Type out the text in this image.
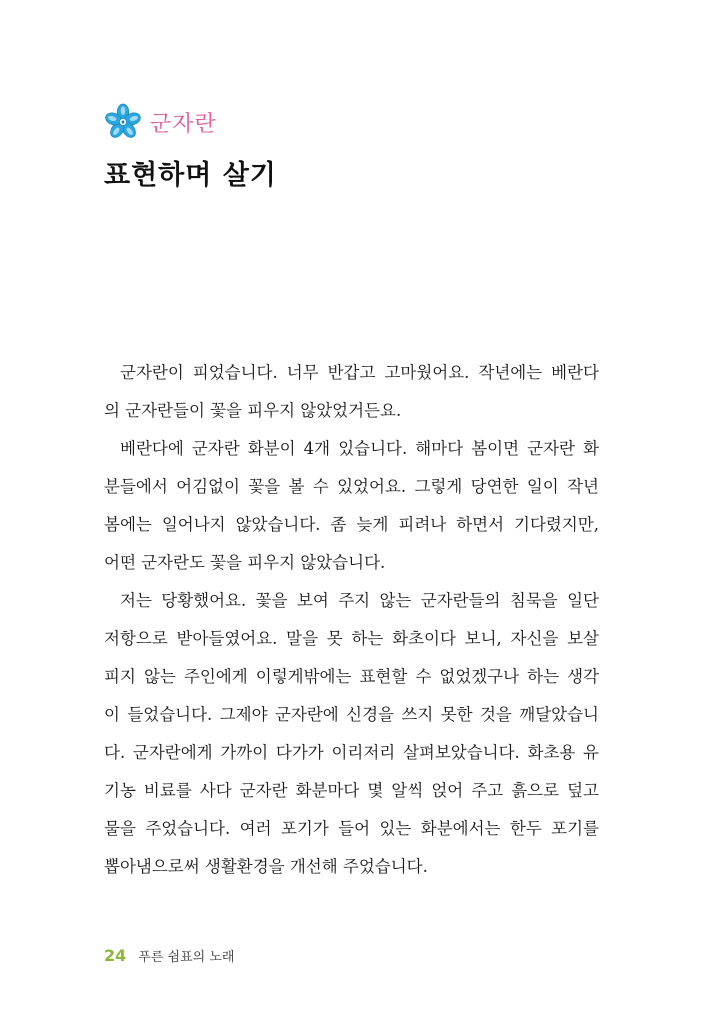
군자란
표현하며 살기

군자란이 피었습니다. 너무 반갑고 고마웠어요. 작년에는 베란다
의 군자란들이 꽃을 피우지 않았었거든요.

베란다에 군자란 화분이 4개 있습니다. 해마다 봄이면 군자란 화
분들에서 어김없이 꽃을 볼 수 있었어요. 그렇게 당연한 일이 작년
봄에는 일어나지 않았습니다. 좀 늦게 피려나 하면서 기다렸지만,
어떤 군자란도 꽃을 피우지 않았습니다.

저는 당황했어요. 꽃을 보여 주지 않는 군자란들의 침묵을 일단
저항으로 받아들였어요. 말을 못 하는 화초이다 보니, 자신을 보살
피지 않는 주인에게 이렇게밖에는 표현할 수 없었겠구나 하는 생각
이 들었습니다. 그제야 군자란에 신경을 쓰지 못한 것을 깨달았습니
다. 군자란에게 가까이 다가가 이리저리 살펴보았습니다. 화초용 유
기농 비료를 사다 군자란 화분마다 몇 알씩 얹어 주고 흙으로 덮고
물을 주었습니다. 여러 포기가 들어 있는 화분에서는 한두 포기를
뽑아냄으로써 생활환경을 개선해 주었습니다.

24 푸른 쉼표의 노래
